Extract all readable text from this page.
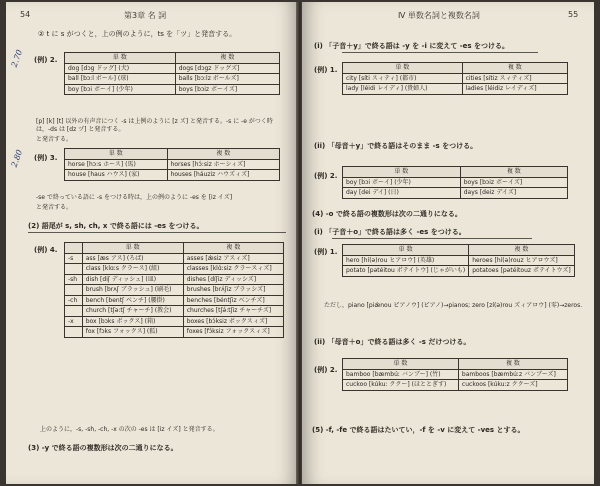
54	第3章 名 詞
2.70
2.80
② t に s がつくと，上の例のように，ts を「ツ」と発音する。
(例) 2.	単 数	複 数
dog [dɔg ドッグ] (犬)	dogs [dɔgz ドッグズ]
ball [bɔ:l ボール] (球)	balls [bɔ:lz ボールズ]
boy [bɔi ボーイ] (少年)	boys [bɔiz ボーイズ]
[p] [k] [t] 以外の有声音につく -s は上例のように [z ズ] と発音する。-s に -e がつく時は，-ds は [dz ヅ] と発音する。
と発音する。
(例) 3.
単 数	複 数
horse [hɔ:s ホース] (馬)	horses [hɔ́:siz ホーシィズ]
house [haus ハウス] (家)	houses [háuziz ハウズィズ]
-se で終っている語に -s をつける時は，上の例のように -es を [iz イズ]
と発音する。
(2) 語尾が s, sh, ch, x で終る語には -es をつける。
(例) 4.
		単 数	複 数
-s	ass [æs アス] (ろば)	asses [ǽsiz アスィズ]
	class [klɑːs クラース] (組)	classes [klɑ́ːsiz クラースィズ]
-sh	dish [diʃ ディッシュ] (皿)	dishes [díʃiz ディッシズ]
	brush [brʌʃ ブラッシュ] (刷毛)	brushes [brʌ́ʃiz ブラッシズ]
-ch	bench [bentʃ ベンチ] (腰掛)	benches [béntʃiz ベンチズ]
	church [tʃə:tʃ チャーチ] (教会)	churches [tʃə́:tʃiz チャーチズ]
-x	box [bɔks ボックス] (箱)	boxes [bɔ́ksiz ボックスィズ]
	fox [fɔks フォックス] (狐)	foxes [fɔ́ksiz フォックスィズ]
上のように，-s, -sh, -ch, -x の次の -es は [iz イズ] と発音する。
(3) -y で終る語の複数形は次の二通りになる。
Ⅳ 単数名詞と複数名詞	55
(i) 「子音＋y」で終る語は -y を -i に変えて -es をつける。
(例) 1.	単 数	複 数
city [síti スィティ] (都市)	cities [sítiz スィティズ]
lady [léidi レイディ] (貴婦人)	ladies [léidiz レイディズ]
(ii) 「母音＋y」で終る語はそのまま -s をつける。
(例) 2.
単 数	複 数
boy [bɔi ボーイ] (少年)	boys [bɔiz ボーイズ]
day [dei デイ] (日)	days [deiz デイズ]
(4) -o で終る語の複数形は次の二通りになる。
(i) 「子音＋o」で終る語は多く -es をつける。
(例) 1.	単 数	複 数
hero [hí(ə)rou ヒアロウ] (英雄)	heroes [hí(ə)rouz ヒアロウズ]
potato [pətéitou ポテイトウ] (じゃがいも)	potatoes [pətéitouz ポテイトウズ]
ただし，piano [piǽnou ピアノウ] (ピアノ)→pianos; zero [zí(ə)rou ズィアロウ] (零)→zeros.
(ii) 「母音＋o」で終る語は多く -s だけつける。
(例) 2.
単 数	複 数
bamboo [bæmbúː バンブー] (竹)	bamboos [bæmbúːz バンブーズ]
cuckoo [kúkuː ククー] (ほととぎす)	cuckoos [kúkuːz ククーズ]
(5) -f, -fe で終る語はたいてい，-f を -v に変えて -ves とする。
